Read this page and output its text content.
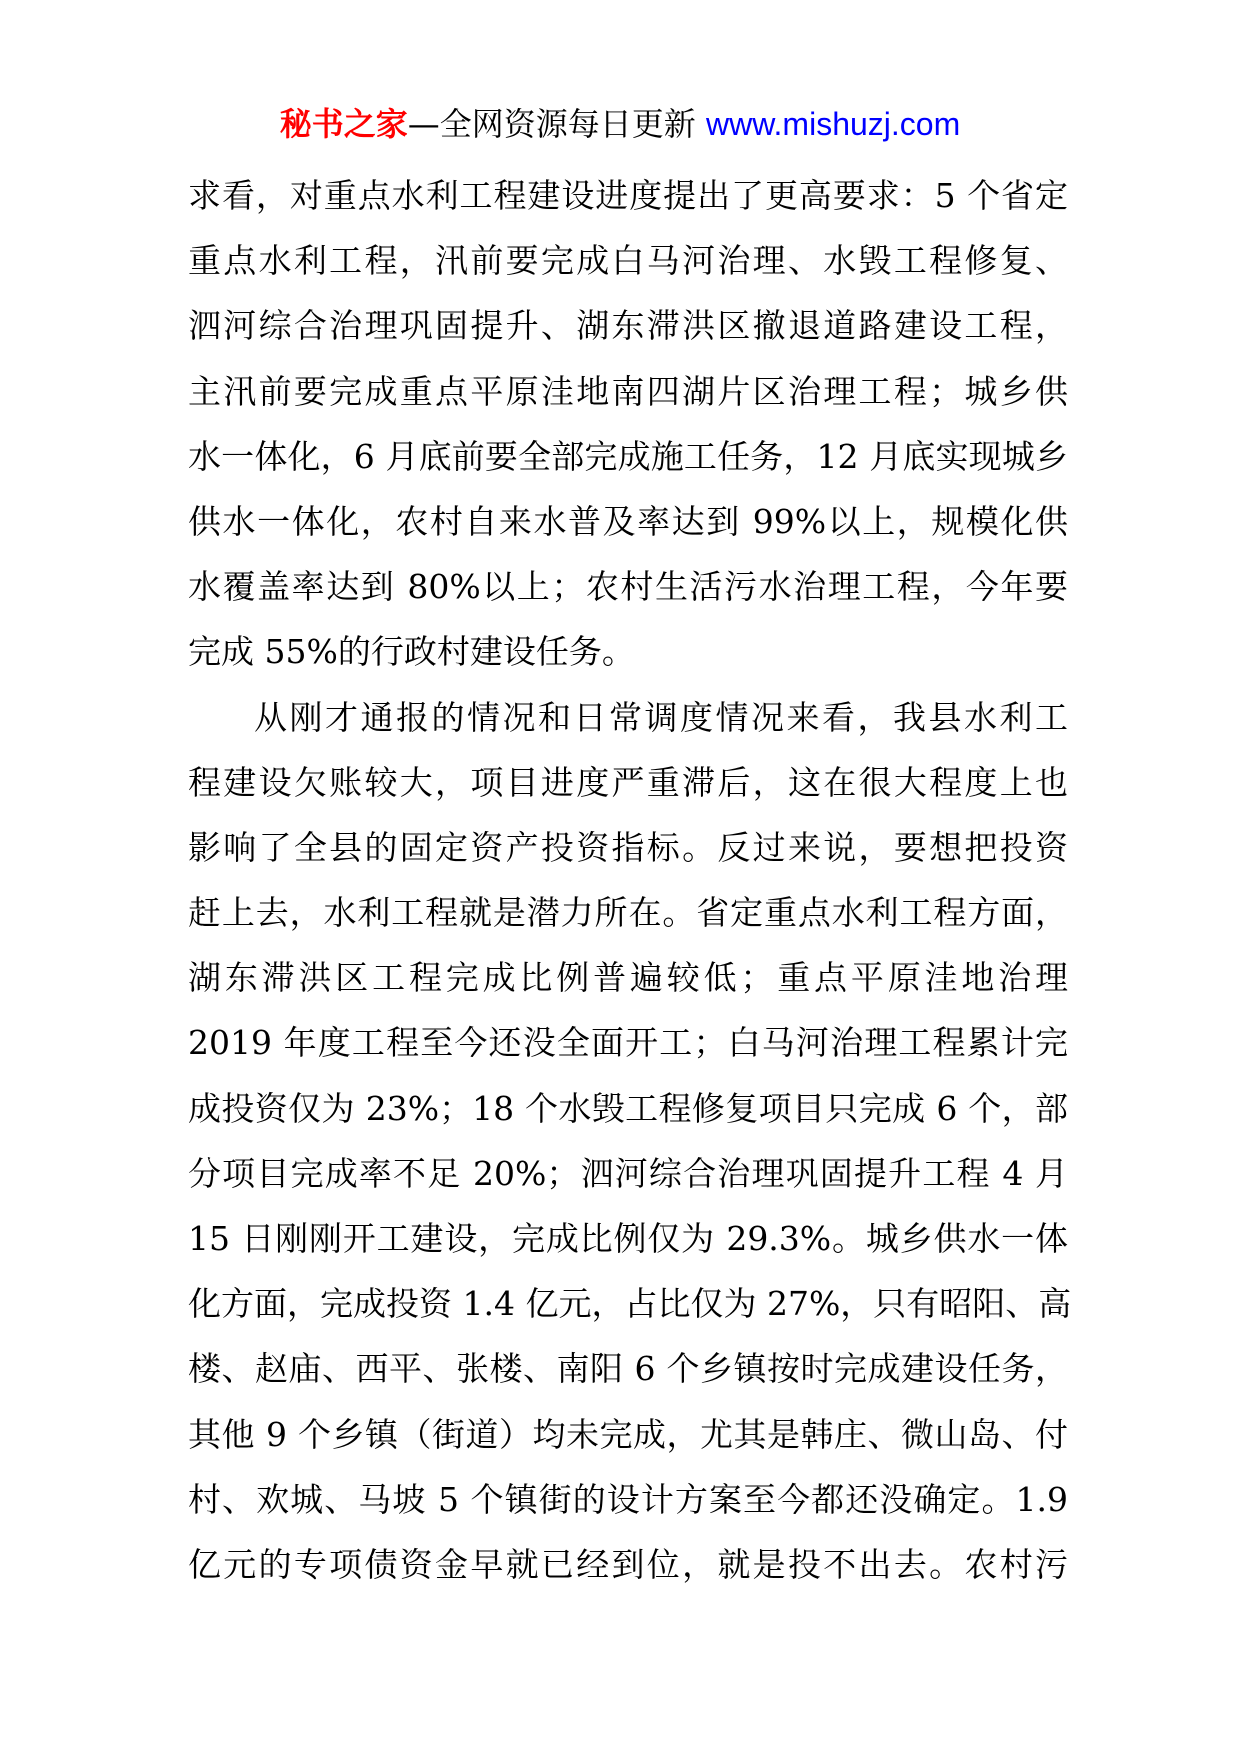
秘书之家—全网资源每日更新 www.mishuzj.com
求看，对重点水利工程建设进度提出了更高要求：5 个省定
重点水利工程，汛前要完成白马河治理、水毁工程修复、
泗河综合治理巩固提升、湖东滞洪区撤退道路建设工程，
主汛前要完成重点平原洼地南四湖片区治理工程；城乡供
水一体化，6 月底前要全部完成施工任务，12 月底实现城乡
供水一体化，农村自来水普及率达到 99%以上，规模化供
水覆盖率达到 80%以上；农村生活污水治理工程，今年要
完成 55%的行政村建设任务。
从刚才通报的情况和日常调度情况来看，我县水利工
程建设欠账较大，项目进度严重滞后，这在很大程度上也
影响了全县的固定资产投资指标。反过来说，要想把投资
赶上去，水利工程就是潜力所在。省定重点水利工程方面，
湖东滞洪区工程完成比例普遍较低；重点平原洼地治理
2019 年度工程至今还没全面开工；白马河治理工程累计完
成投资仅为 23%；18 个水毁工程修复项目只完成 6 个，部
分项目完成率不足 20%；泗河综合治理巩固提升工程 4 月
15 日刚刚开工建设，完成比例仅为 29.3%。城乡供水一体
化方面，完成投资 1.4 亿元，占比仅为 27%，只有昭阳、高
楼、赵庙、西平、张楼、南阳 6 个乡镇按时完成建设任务，
其他 9 个乡镇（街道）均未完成，尤其是韩庄、微山岛、付
村、欢城、马坡 5 个镇街的设计方案至今都还没确定。1.9
亿元的专项债资金早就已经到位，就是投不出去。农村污
